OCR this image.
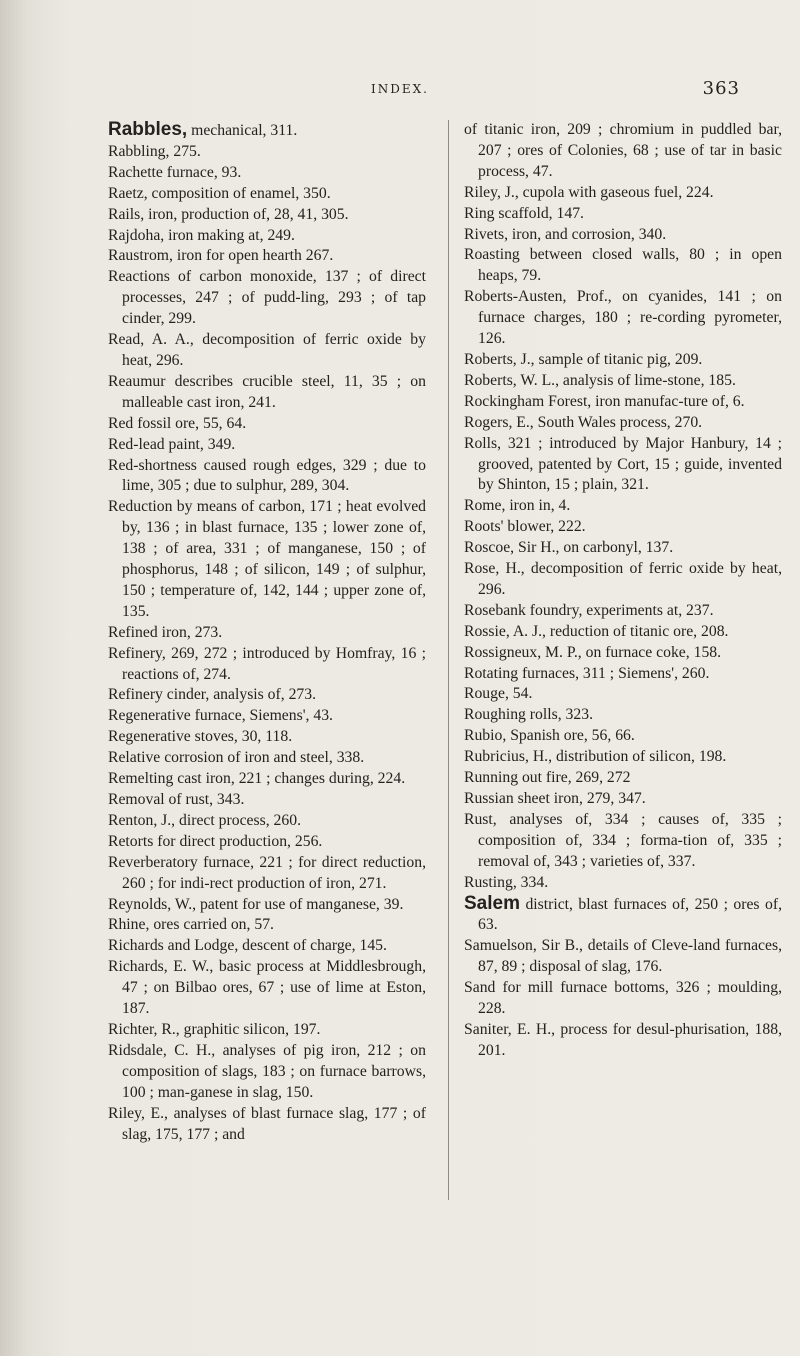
INDEX.	363
Rabbles, mechanical, 311.
Rabbling, 275.
Rachette furnace, 93.
Raetz, composition of enamel, 350.
Rails, iron, production of, 28, 41, 305.
Rajdoha, iron making at, 249.
Raustrom, iron for open hearth 267.
Reactions of carbon monoxide, 137 ; of direct processes, 247 ; of pudd-ling, 293 ; of tap cinder, 299.
Read, A. A., decomposition of ferric oxide by heat, 296.
Reaumur describes crucible steel, 11, 35 ; on malleable cast iron, 241.
Red fossil ore, 55, 64.
Red-lead paint, 349.
Red-shortness caused rough edges, 329 ; due to lime, 305 ; due to sulphur, 289, 304.
Reduction by means of carbon, 171 ; heat evolved by, 136 ; in blast furnace, 135 ; lower zone of, 138 ; of area, 331 ; of manganese, 150 ; of phosphorus, 148 ; of silicon, 149 ; of sulphur, 150 ; temperature of, 142, 144 ; upper zone of, 135.
Refined iron, 273.
Refinery, 269, 272 ; introduced by Homfray, 16 ; reactions of, 274.
Refinery cinder, analysis of, 273.
Regenerative furnace, Siemens', 43.
Regenerative stoves, 30, 118.
Relative corrosion of iron and steel, 338.
Remelting cast iron, 221 ; changes during, 224.
Removal of rust, 343.
Renton, J., direct process, 260.
Retorts for direct production, 256.
Reverberatory furnace, 221 ; for direct reduction, 260 ; for indi-rect production of iron, 271.
Reynolds, W., patent for use of manganese, 39.
Rhine, ores carried on, 57.
Richards and Lodge, descent of charge, 145.
Richards, E. W., basic process at Middlesbrough, 47 ; on Bilbao ores, 67 ; use of lime at Eston, 187.
Richter, R., graphitic silicon, 197.
Ridsdale, C. H., analyses of pig iron, 212 ; on composition of slags, 183 ; on furnace barrows, 100 ; man-ganese in slag, 150.
Riley, E., analyses of blast furnace slag, 177 ; of slag, 175, 177 ; and
of titanic iron, 209 ; chromium in puddled bar, 207 ; ores of Colonies, 68 ; use of tar in basic process, 47.
Riley, J., cupola with gaseous fuel, 224.
Ring scaffold, 147.
Rivets, iron, and corrosion, 340.
Roasting between closed walls, 80 ; in open heaps, 79.
Roberts-Austen, Prof., on cyanides, 141 ; on furnace charges, 180 ; re-cording pyrometer, 126.
Roberts, J., sample of titanic pig, 209.
Roberts, W. L., analysis of lime-stone, 185.
Rockingham Forest, iron manufac-ture of, 6.
Rogers, E., South Wales process, 270.
Rolls, 321 ; introduced by Major Hanbury, 14 ; grooved, patented by Cort, 15 ; guide, invented by Shinton, 15 ; plain, 321.
Rome, iron in, 4.
Roots' blower, 222.
Roscoe, Sir H., on carbonyl, 137.
Rose, H., decomposition of ferric oxide by heat, 296.
Rosebank foundry, experiments at, 237.
Rossie, A. J., reduction of titanic ore, 208.
Rossigneux, M. P., on furnace coke, 158.
Rotating furnaces, 311 ; Siemens', 260.
Rouge, 54.
Roughing rolls, 323.
Rubio, Spanish ore, 56, 66.
Rubricius, H., distribution of silicon, 198.
Running out fire, 269, 272
Russian sheet iron, 279, 347.
Rust, analyses of, 334 ; causes of, 335 ; composition of, 334 ; forma-tion of, 335 ; removal of, 343 ; varieties of, 337.
Rusting, 334.
Salem district, blast furnaces of, 250 ; ores of, 63.
Samuelson, Sir B., details of Cleve-land furnaces, 87, 89 ; disposal of slag, 176.
Sand for mill furnace bottoms, 326 ; moulding, 228.
Saniter, E. H., process for desul-phurisation, 188, 201.
